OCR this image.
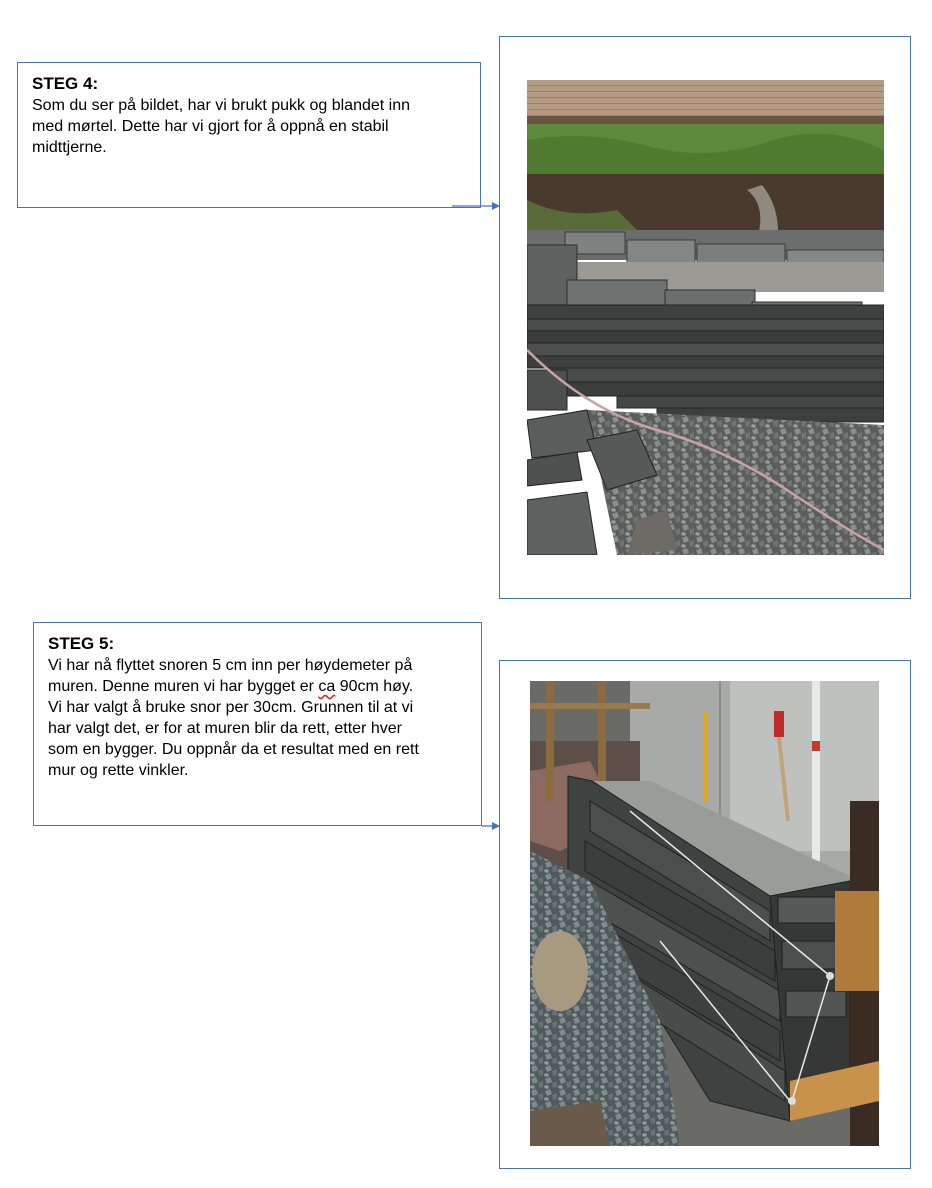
STEG 4:
Som du ser på bildet, har vi brukt pukk og blandet inn
med mørtel. Dette har vi gjort for å oppnå en stabil
midttjerne.
STEG 5:
Vi har nå flyttet snoren 5 cm inn per høydemeter på
muren. Denne muren vi har bygget er ca 90cm høy.
Vi har valgt å bruke snor per 30cm. Grunnen til at vi
har valgt det, er for at muren blir da rett, etter hver
som en bygger. Du oppnår da et resultat med en rett
mur og rette vinkler.
